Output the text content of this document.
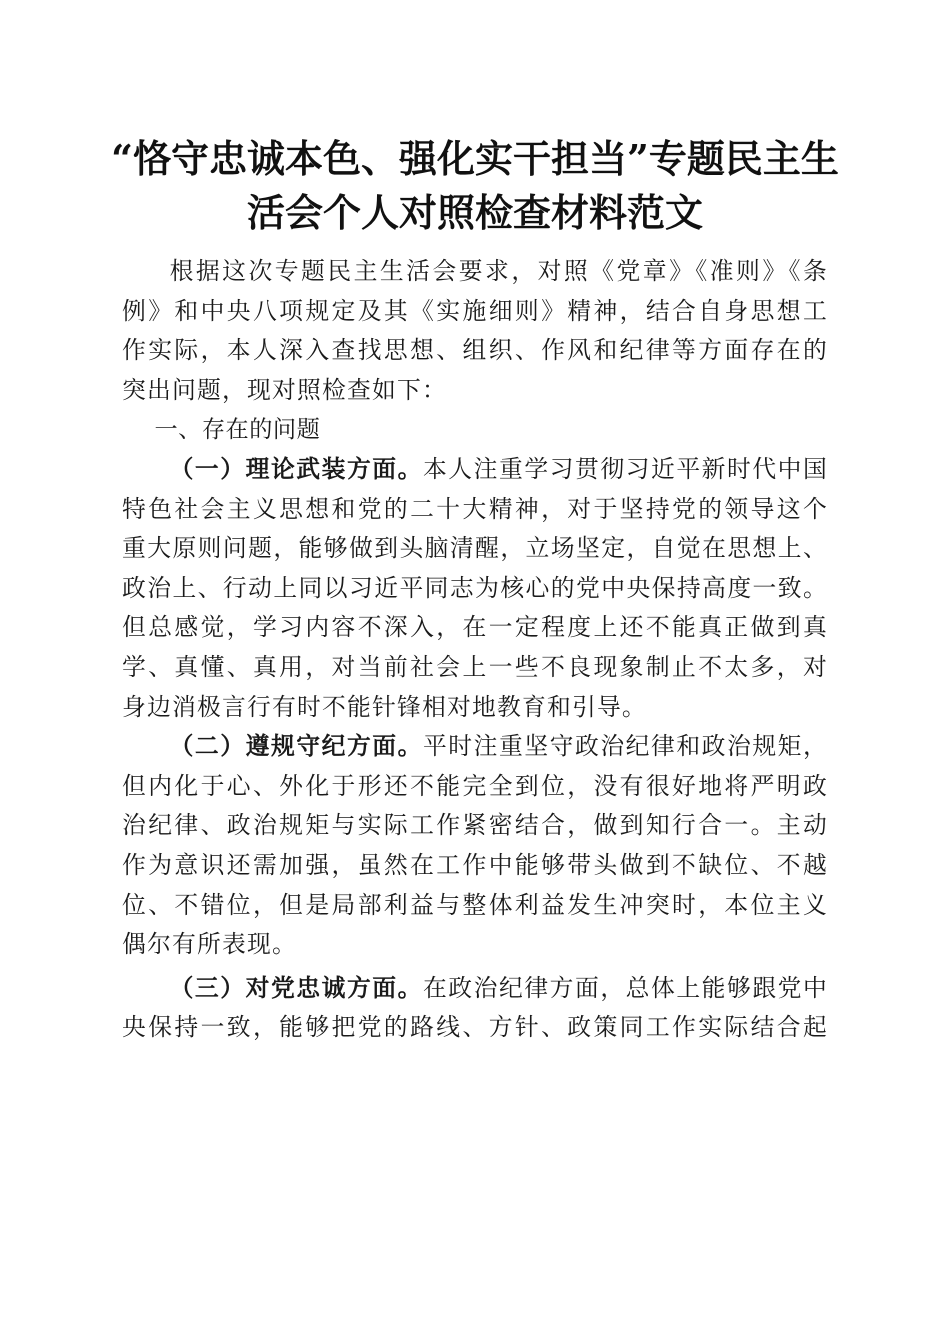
“恪守忠诚本色、强化实干担当”专题民主生
活会个人对照检查材料范文

根据这次专题民主生活会要求，对照《党章》《准则》《条
例》和中央八项规定及其《实施细则》精神，结合自身思想工
作实际，本人深入查找思想、组织、作风和纪律等方面存在的
突出问题，现对照检查如下：

一、存在的问题

（一）理论武装方面。本人注重学习贯彻习近平新时代中国
特色社会主义思想和党的二十大精神，对于坚持党的领导这个
重大原则问题，能够做到头脑清醒，立场坚定，自觉在思想上、
政治上、行动上同以习近平同志为核心的党中央保持高度一致。
但总感觉，学习内容不深入，在一定程度上还不能真正做到真
学、真懂、真用，对当前社会上一些不良现象制止不太多，对
身边消极言行有时不能针锋相对地教育和引导。

（二）遵规守纪方面。平时注重坚守政治纪律和政治规矩，
但内化于心、外化于形还不能完全到位，没有很好地将严明政
治纪律、政治规矩与实际工作紧密结合，做到知行合一。主动
作为意识还需加强，虽然在工作中能够带头做到不缺位、不越
位、不错位，但是局部利益与整体利益发生冲突时，本位主义
偶尔有所表现。

（三）对党忠诚方面。在政治纪律方面，总体上能够跟党中
央保持一致，能够把党的路线、方针、政策同工作实际结合起
